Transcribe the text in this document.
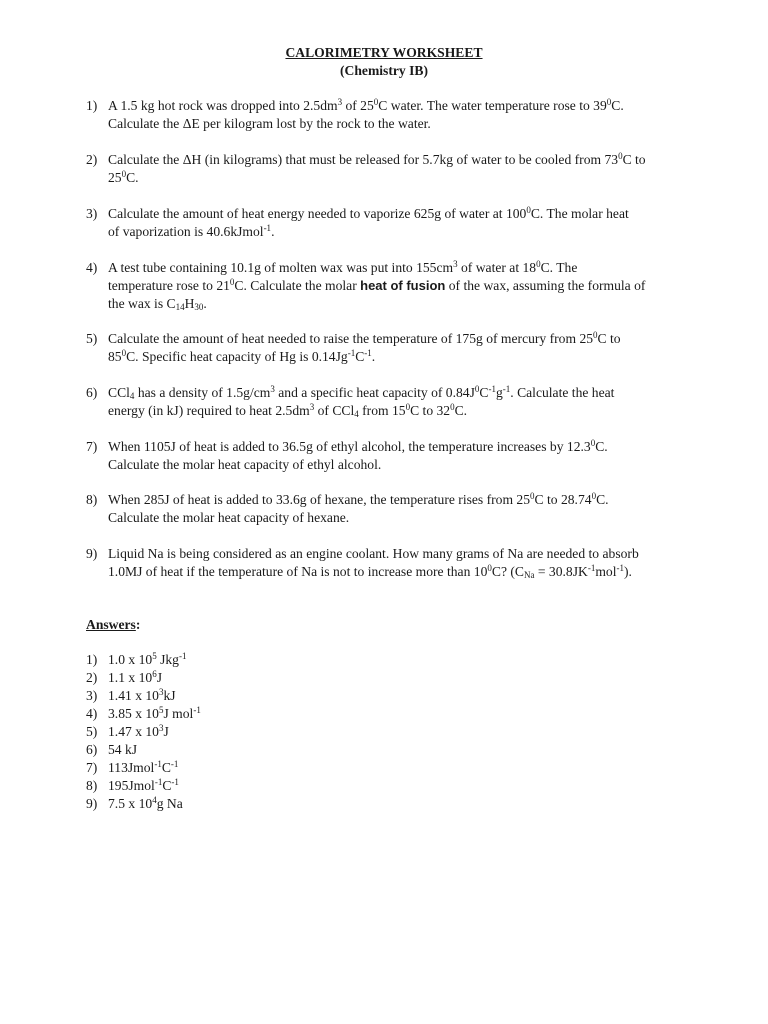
CALORIMETRY WORKSHEET
(Chemistry IB)
1) A 1.5 kg hot rock was dropped into $2.5dm^3$ of $25^0C$ water. The water temperature rose to $39^0C$.
Calculate the ΔE per kilogram lost by the rock to the water.
2) Calculate the ΔH (in kilograms) that must be released for 5.7kg of water to be cooled from $73^0C$ to
$25^0C$.
3) Calculate the amount of heat energy needed to vaporize 625g of water at $100^0C$. The molar heat
of vaporization is 40.6kJmol$^{-1}$.
4) A test tube containing 10.1g of molten wax was put into $155cm^3$ of water at $18^0C$. The
temperature rose to $21^0C$. Calculate the molar heat of fusion of the wax, assuming the formula of
the wax is $C_{14}H_{30}$.
5) Calculate the amount of heat needed to raise the temperature of 175g of mercury from $25^0C$ to
$85^0C$. Specific heat capacity of Hg is $0.14Jg^{-1}C^{-1}$.
6) CCl$_4$ has a density of $1.5g/cm^3$ and a specific heat capacity of $0.84J^0C^{-1}g^{-1}$. Calculate the heat
energy (in kJ) required to heat $2.5dm^3$ of CCl$_4$ from $15^0C$ to $32^0C$.
7) When 1105J of heat is added to 36.5g of ethyl alcohol, the temperature increases by 12.3$^0$C.
Calculate the molar heat capacity of ethyl alcohol.
8) When 285J of heat is added to 33.6g of hexane, the temperature rises from $25^0C$ to 28.74$^0$C.
Calculate the molar heat capacity of hexane.
9) Liquid Na is being considered as an engine coolant. How many grams of Na are needed to absorb
1.0MJ of heat if the temperature of Na is not to increase more than $10^0C$? $(C_{Na} = 30.8JK^{-1}mol^{-1})$.
Answers:
1) 1.0 x $10^5$ Jkg$^{-1}$
2) 1.1 x $10^6J$
3) 1.41 x $10^3kJ$
4) 3.85 x $10^5J$ mol$^{-1}$
5) 1.47 x $10^3J$
6) 54 kJ
7) $113Jmol^{-1}C^{-1}$
8) $195Jmol^{-1}C^{-1}$
9) 7.5 x $10^4g$ Na
